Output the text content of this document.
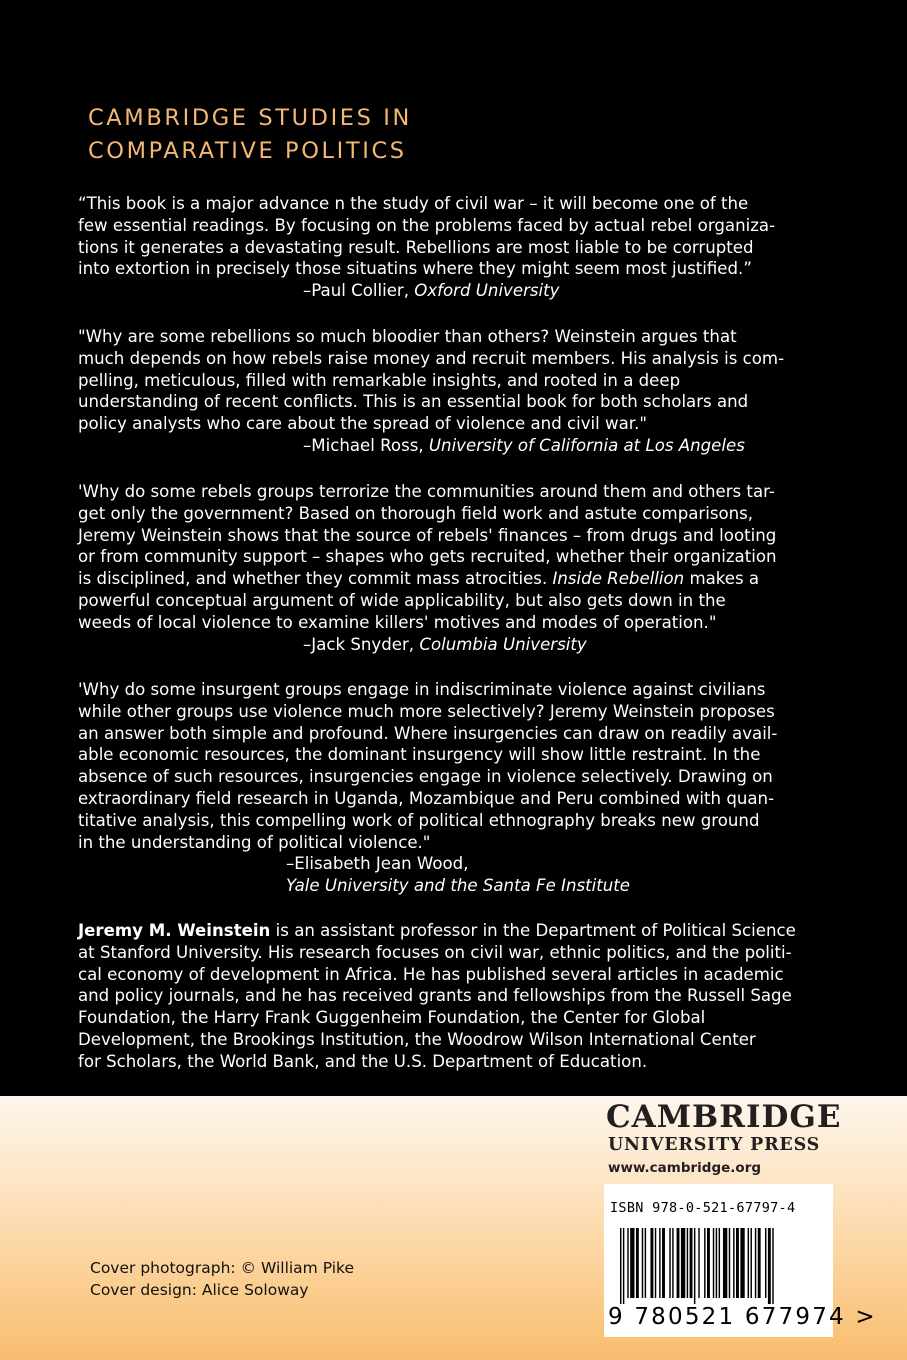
CAMBRIDGE STUDIES IN
COMPARATIVE POLITICS
“This book is a major advance n the study of civil war – it will become one of the
few essential readings. By focusing on the problems faced by actual rebel organiza-
tions it generates a devastating result. Rebellions are most liable to be corrupted
into extortion in precisely those situatins where they might seem most justified.”
–Paul Collier, Oxford University
"Why are some rebellions so much bloodier than others? Weinstein argues that
much depends on how rebels raise money and recruit members. His analysis is com-
pelling, meticulous, filled with remarkable insights, and rooted in a deep
understanding of recent conflicts. This is an essential book for both scholars and
policy analysts who care about the spread of violence and civil war."
–Michael Ross, University of California at Los Angeles
'Why do some rebels groups terrorize the communities around them and others tar-
get only the government? Based on thorough field work and astute comparisons,
Jeremy Weinstein shows that the source of rebels' finances – from drugs and looting
or from community support – shapes who gets recruited, whether their organization
is disciplined, and whether they commit mass atrocities. Inside Rebellion makes a
powerful conceptual argument of wide applicability, but also gets down in the
weeds of local violence to examine killers' motives and modes of operation."
–Jack Snyder, Columbia University
'Why do some insurgent groups engage in indiscriminate violence against civilians
while other groups use violence much more selectively? Jeremy Weinstein proposes
an answer both simple and profound. Where insurgencies can draw on readily avail-
able economic resources, the dominant insurgency will show little restraint. In the
absence of such resources, insurgencies engage in violence selectively. Drawing on
extraordinary field research in Uganda, Mozambique and Peru combined with quan-
titative analysis, this compelling work of political ethnography breaks new ground
in the understanding of political violence."
–Elisabeth Jean Wood,
Yale University and the Santa Fe Institute
Jeremy M. Weinstein is an assistant professor in the Department of Political Science
at Stanford University. His research focuses on civil war, ethnic politics, and the politi-
cal economy of development in Africa. He has published several articles in academic
and policy journals, and he has received grants and fellowships from the Russell Sage
Foundation, the Harry Frank Guggenheim Foundation, the Center for Global
Development, the Brookings Institution, the Woodrow Wilson International Center
for Scholars, the World Bank, and the U.S. Department of Education.
CAMBRIDGE
UNIVERSITY PRESS
www.cambridge.org
ISBN 978-0-521-67797-4
9 780521 677974 >
Cover photograph: © William Pike
Cover design: Alice Soloway
